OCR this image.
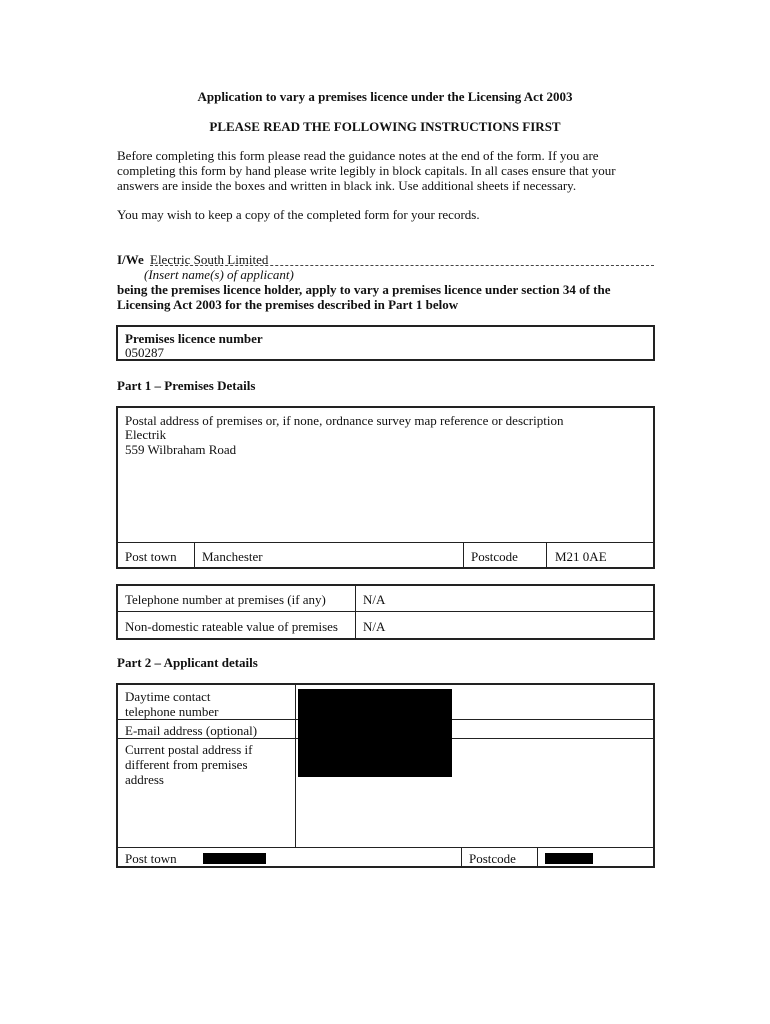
Application to vary a premises licence under the Licensing Act 2003
PLEASE READ THE FOLLOWING INSTRUCTIONS FIRST
Before completing this form please read the guidance notes at the end of the form. If you are
completing this form by hand please write legibly in block capitals. In all cases ensure that your
answers are inside the boxes and written in black ink. Use additional sheets if necessary.
You may wish to keep a copy of the completed form for your records.
I/We Electric South Limited
(Insert name(s) of applicant)
being the premises licence holder, apply to vary a premises licence under section 34 of the
Licensing Act 2003 for the premises described in Part 1 below
Premises licence number
050287
Part 1 – Premises Details
Postal address of premises or, if none, ordnance survey map reference or description
Electrik
559 Wilbraham Road
Post town Manchester	Postcode	M21 0AE
Telephone number at premises (if any)	N/A
Non-domestic rateable value of premises N/A
Part 2 – Applicant details
Daytime contact
telephone number
E-mail address (optional)
Current postal address if
different from premises
address
Post town	Postcode
